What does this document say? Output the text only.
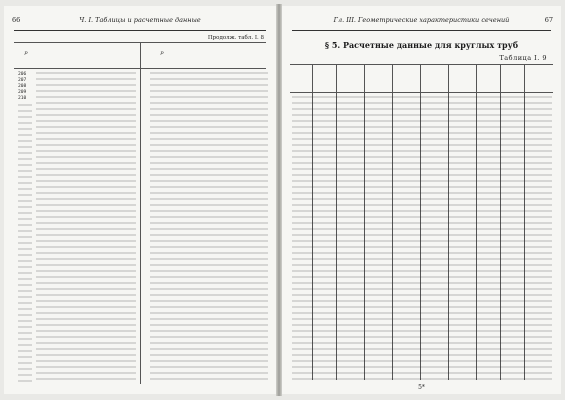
66	Ч. I. Таблицы и расчетные данные
Продолж. табл. I. 8
p	p
206
207
208
209
210
Гл. III. Геометрические характеристики сечений	67
§ 5. Расчетные данные для круглых труб
Таблица I. 9
5*
